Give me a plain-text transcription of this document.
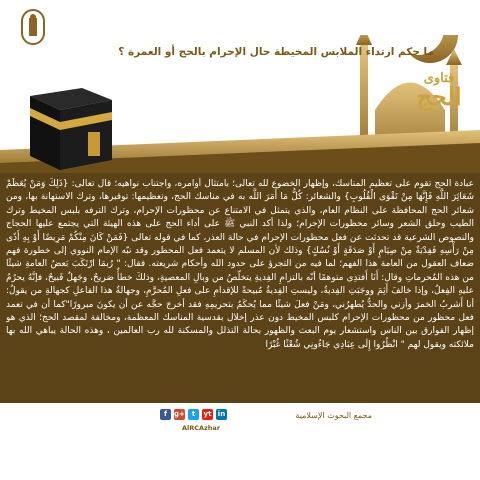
ما حكم ارتداء الملابس المخيطة حال الإحرام بالحج أو العمرة ؟
فتاوى
الحج

عبادة الحج تقوم على تعظيم المناسك، وإظهار الخضوع لله تعالى؛ بامتثال أوامره، واجتناب نواهيه؛ قال تعالى: {ذَلِكَ وَمَنْ يُعَظِّمْ شَعَائِرَ اللَّهِ فَإِنَّهَا مِنْ تَقْوَى الْقُلُوبِ} والشعائر: كُلُّ مَا أَمَرَ اللَّه به في مناسك الحج، وتعظيمها: توقيرها، وترك الاستهانة بها، ومن شعائر الحج المحافظة على النظام العام، والذي يتمثل في الامتناع عن محظورات الإحرام، وترك الترفه بلبس المخيط وترك الطيب وحلق الشعر وسائر محظورات الإحرام؛ ولذا أكد النبي ﷺ على أداء الحج على هذه الهيئة التي يجتمع عليها الحجاج والنصوص الشرعية قد تحدثت عن فعل محظورات الإحرام في حالة العذر، كما في قوله تعالى {فَمَنْ كَانَ مِنْكُمْ مَرِيضًا أَوْ بِهِ أَذًى مِنْ رَأْسِهِ فَفِدْيَةٌ مِنْ صِيَامٍ أَوْ صَدَقَةٍ أَوْ نُسُكٍ} وذلك لأن المسلم لا يتعمد فعل المحظور وقد نبّه الإمام النووي إلى خطورة فهم ضعاف العقول من العامة هذا الفهم؛ لما فيه من التجرؤ على حدود الله وأحكام شريعته. فقال: " رُبمَا ارْتَكَبَ بَعضُ العامةِ شيئًا من هذه المُحرماتِ وقال: أَنَا أَفتدِي متوهمًا أنّه بالتزامِ الفِديةِ يتخلّصُ من وبالِ المعصيةِ، وذلكَ خطأٌ صَريحٌ، وجَهلٌ قَبيحٌ، فإنَّهُ يحرُمُ عليهِ الفِعلُ، وإذا خالفَ أَثِمَ ووجَبَتِ الفِديةُ، وليستِ الفِديةُ مُبيحةً للإقدامِ على فعلِ المُحرَّمِ، وجهالةُ هذا الفاعلِ كجهالةِ من يقولُ: أنا أَشربُ الخمرَ وأزني والحدُّ يُطهرُني، ومَنْ فعلَ شيئًا مما يُحكَمُ بتحريمِهِ فقد أخرجَ حجَّه عن أن يكونَ مبرورًا"كما أن في تعمد فعل محظور من محظورات الإحرام كلبس المخيط دون عذر إخلال بقدسية المناسك المعظمة، ومخالفة لمقصد الحج؛ الذي هو إظهار الفوارق بين الناس واستشعار يوم البعث والظهور بحالة التذلل والمسكنة لله رب العالمين ، وهذه الحالة يباهي الله بها ملائكته ويقول لهم " انْظُرُوا إِلَى عِبَادِي جَاءُونِي شُعْثًا غُبْرًا

f	g+ t	yt in
AlRCAzhar
مجمع البحوث الإسلامية
